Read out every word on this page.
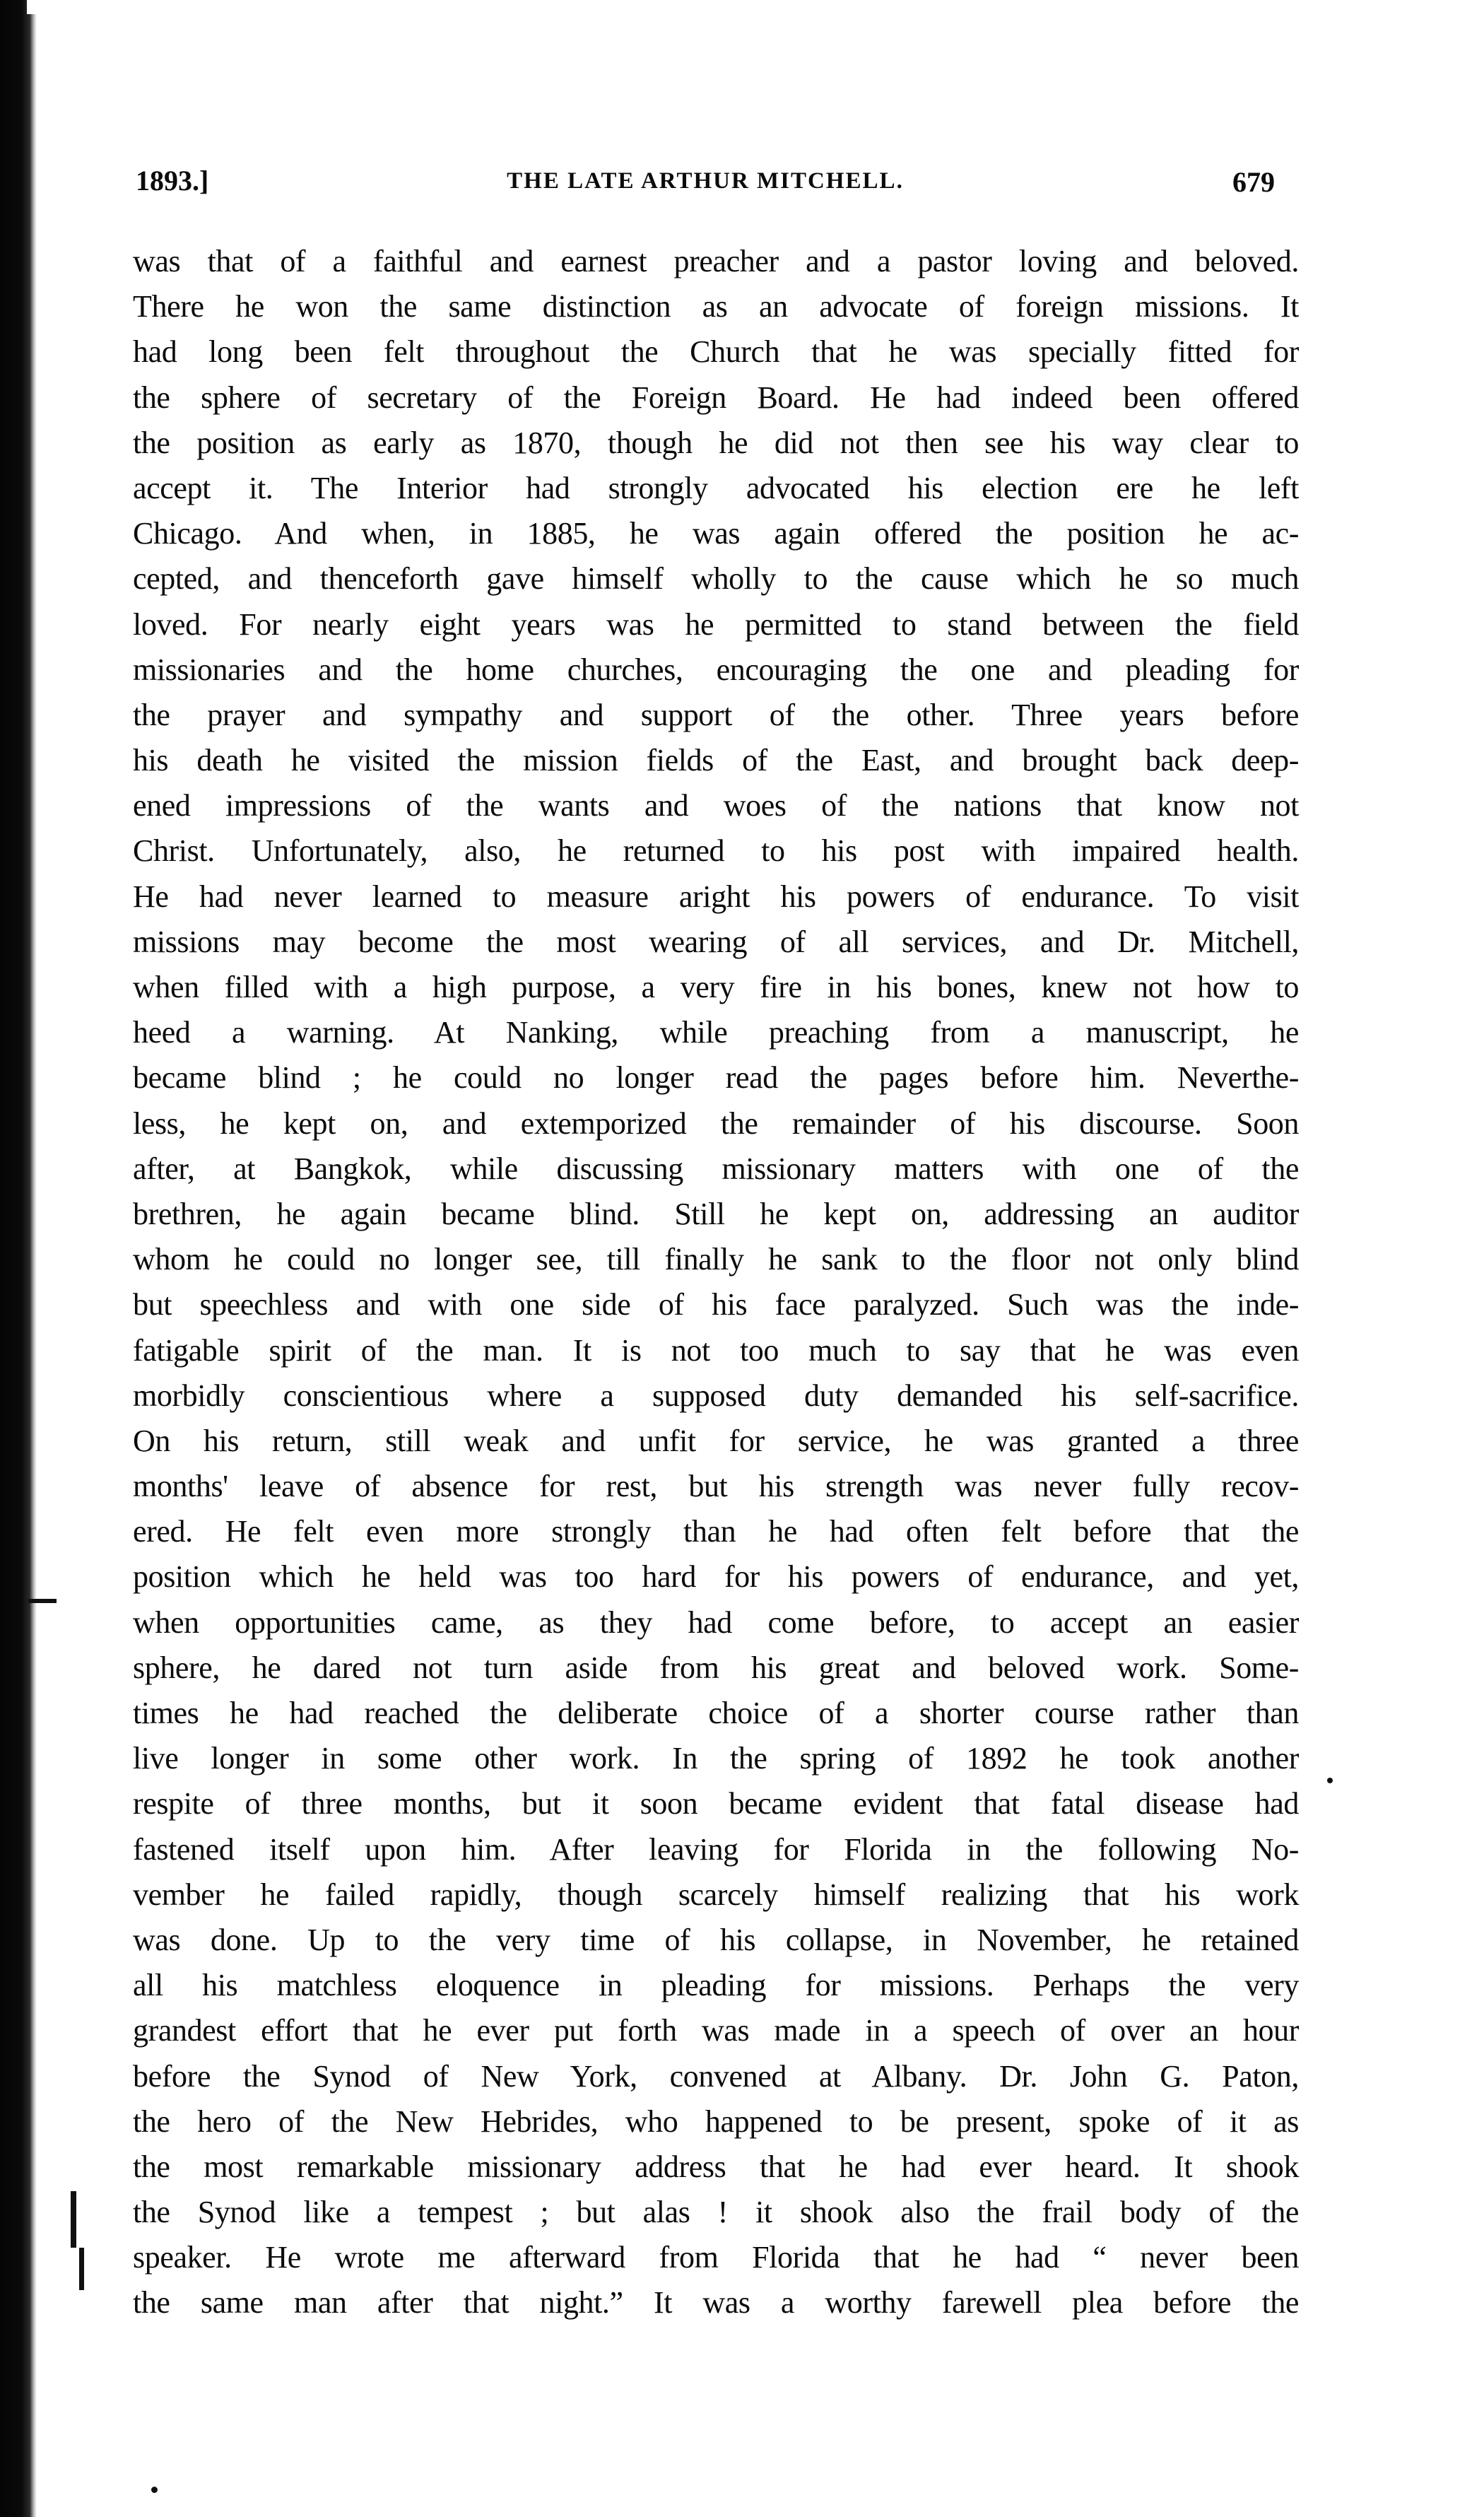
1893.]	THE LATE ARTHUR MITCHELL.	679
was that of a faithful and earnest preacher and a pastor loving and beloved.
There he won the same distinction as an advocate of foreign missions. It
had long been felt throughout the Church that he was specially fitted for
the sphere of secretary of the Foreign Board. He had indeed been offered
the position as early as 1870, though he did not then see his way clear to
accept it. The Interior had strongly advocated his election ere he left
Chicago. And when, in 1885, he was again offered the position he ac-
cepted, and thenceforth gave himself wholly to the cause which he so much
loved. For nearly eight years was he permitted to stand between the field
missionaries and the home churches, encouraging the one and pleading for
the prayer and sympathy and support of the other. Three years before
his death he visited the mission fields of the East, and brought back deep-
ened impressions of the wants and woes of the nations that know not
Christ. Unfortunately, also, he returned to his post with impaired health.
He had never learned to measure aright his powers of endurance. To visit
missions may become the most wearing of all services, and Dr. Mitchell,
when filled with a high purpose, a very fire in his bones, knew not how to
heed a warning. At Nanking, while preaching from a manuscript, he
became blind ; he could no longer read the pages before him. Neverthe-
less, he kept on, and extemporized the remainder of his discourse. Soon
after, at Bangkok, while discussing missionary matters with one of the
brethren, he again became blind. Still he kept on, addressing an auditor
whom he could no longer see, till finally he sank to the floor not only blind
but speechless and with one side of his face paralyzed. Such was the inde-
fatigable spirit of the man. It is not too much to say that he was even
morbidly conscientious where a supposed duty demanded his self-sacrifice.
On his return, still weak and unfit for service, he was granted a three
months' leave of absence for rest, but his strength was never fully recov-
ered. He felt even more strongly than he had often felt before that the
position which he held was too hard for his powers of endurance, and yet,
when opportunities came, as they had come before, to accept an easier
sphere, he dared not turn aside from his great and beloved work. Some-
times he had reached the deliberate choice of a shorter course rather than
live longer in some other work. In the spring of 1892 he took another
respite of three months, but it soon became evident that fatal disease had
fastened itself upon him. After leaving for Florida in the following No-
vember he failed rapidly, though scarcely himself realizing that his work
was done. Up to the very time of his collapse, in November, he retained
all his matchless eloquence in pleading for missions. Perhaps the very
grandest effort that he ever put forth was made in a speech of over an hour
before the Synod of New York, convened at Albany. Dr. John G. Paton,
the hero of the New Hebrides, who happened to be present, spoke of it as
the most remarkable missionary address that he had ever heard. It shook
the Synod like a tempest ; but alas ! it shook also the frail body of the
speaker. He wrote me afterward from Florida that he had “ never been
the same man after that night.” It was a worthy farewell plea before the
